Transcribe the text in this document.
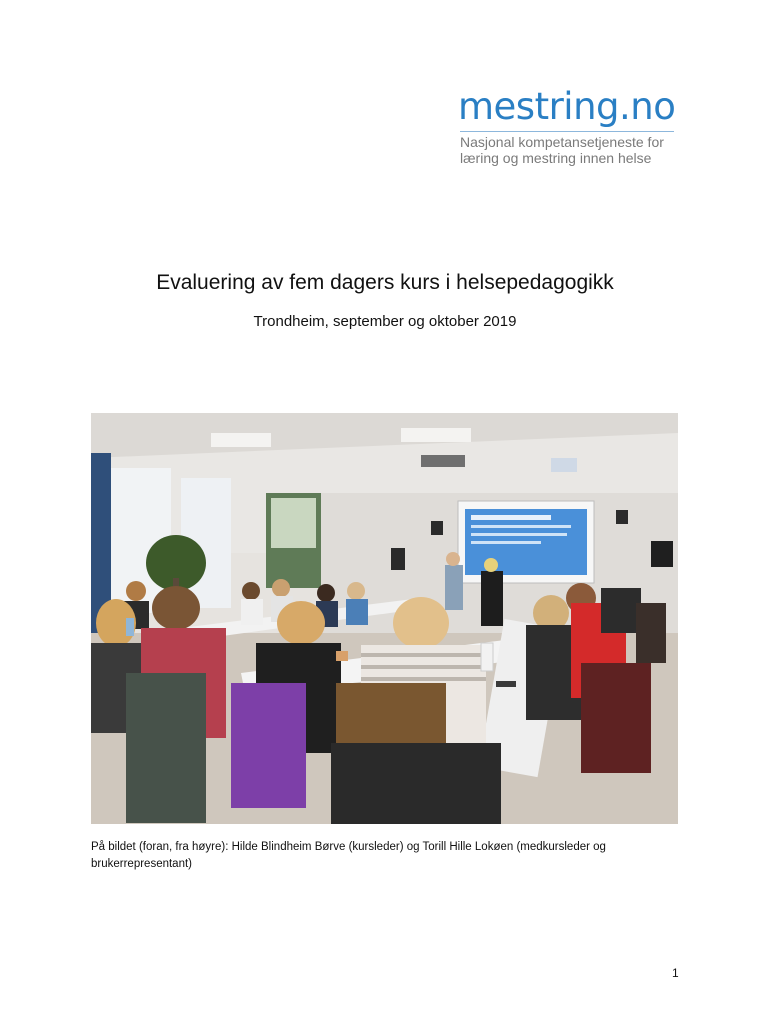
mestring.no
Nasjonal kompetansetjeneste for
læring og mestring innen helse
Evaluering av fem dagers kurs i helsepedagogikk
Trondheim, september og oktober 2019
På bildet (foran, fra høyre): Hilde Blindheim Børve (kursleder) og Torill Hille Lokøen (medkursleder og brukerrepresentant)
1
